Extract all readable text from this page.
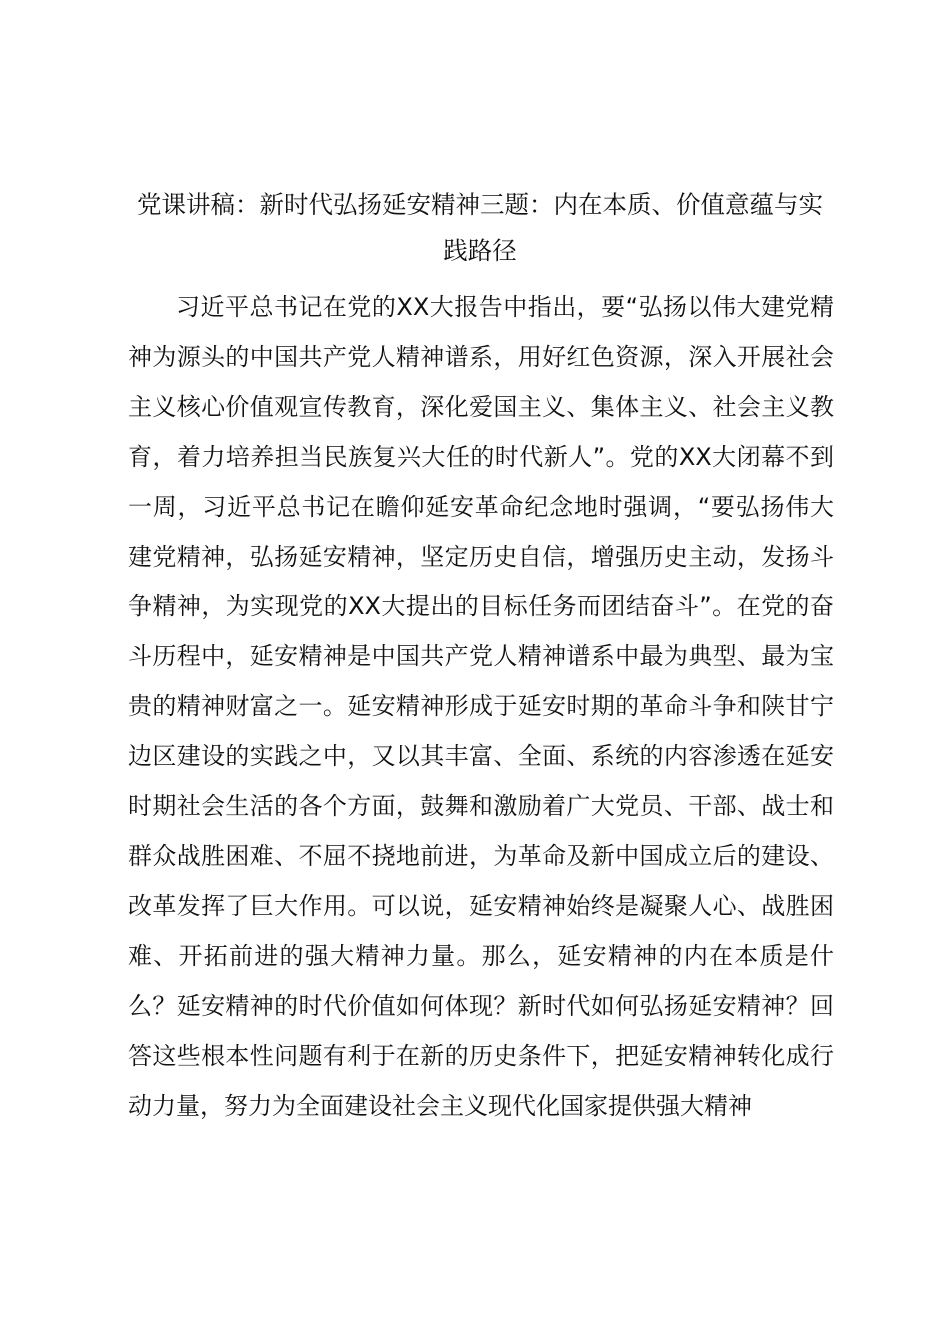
党课讲稿：新时代弘扬延安精神三题：内在本质、价值意蕴与实践路径

习近平总书记在党的XX大报告中指出，要“弘扬以伟大建党精神为源头的中国共产党人精神谱系，用好红色资源，深入开展社会主义核心价值观宣传教育，深化爱国主义、集体主义、社会主义教育，着力培养担当民族复兴大任的时代新人”。党的XX大闭幕不到一周，习近平总书记在瞻仰延安革命纪念地时强调，“要弘扬伟大建党精神，弘扬延安精神，坚定历史自信，增强历史主动，发扬斗争精神，为实现党的XX大提出的目标任务而团结奋斗”。在党的奋斗历程中，延安精神是中国共产党人精神谱系中最为典型、最为宝贵的精神财富之一。延安精神形成于延安时期的革命斗争和陕甘宁边区建设的实践之中，又以其丰富、全面、系统的内容渗透在延安时期社会生活的各个方面，鼓舞和激励着广大党员、干部、战士和群众战胜困难、不屈不挠地前进，为革命及新中国成立后的建设、改革发挥了巨大作用。可以说，延安精神始终是凝聚人心、战胜困难、开拓前进的强大精神力量。那么，延安精神的内在本质是什么？延安精神的时代价值如何体现？新时代如何弘扬延安精神？回答这些根本性问题有利于在新的历史条件下，把延安精神转化成行动力量，努力为全面建设社会主义现代化国家提供强大精神
